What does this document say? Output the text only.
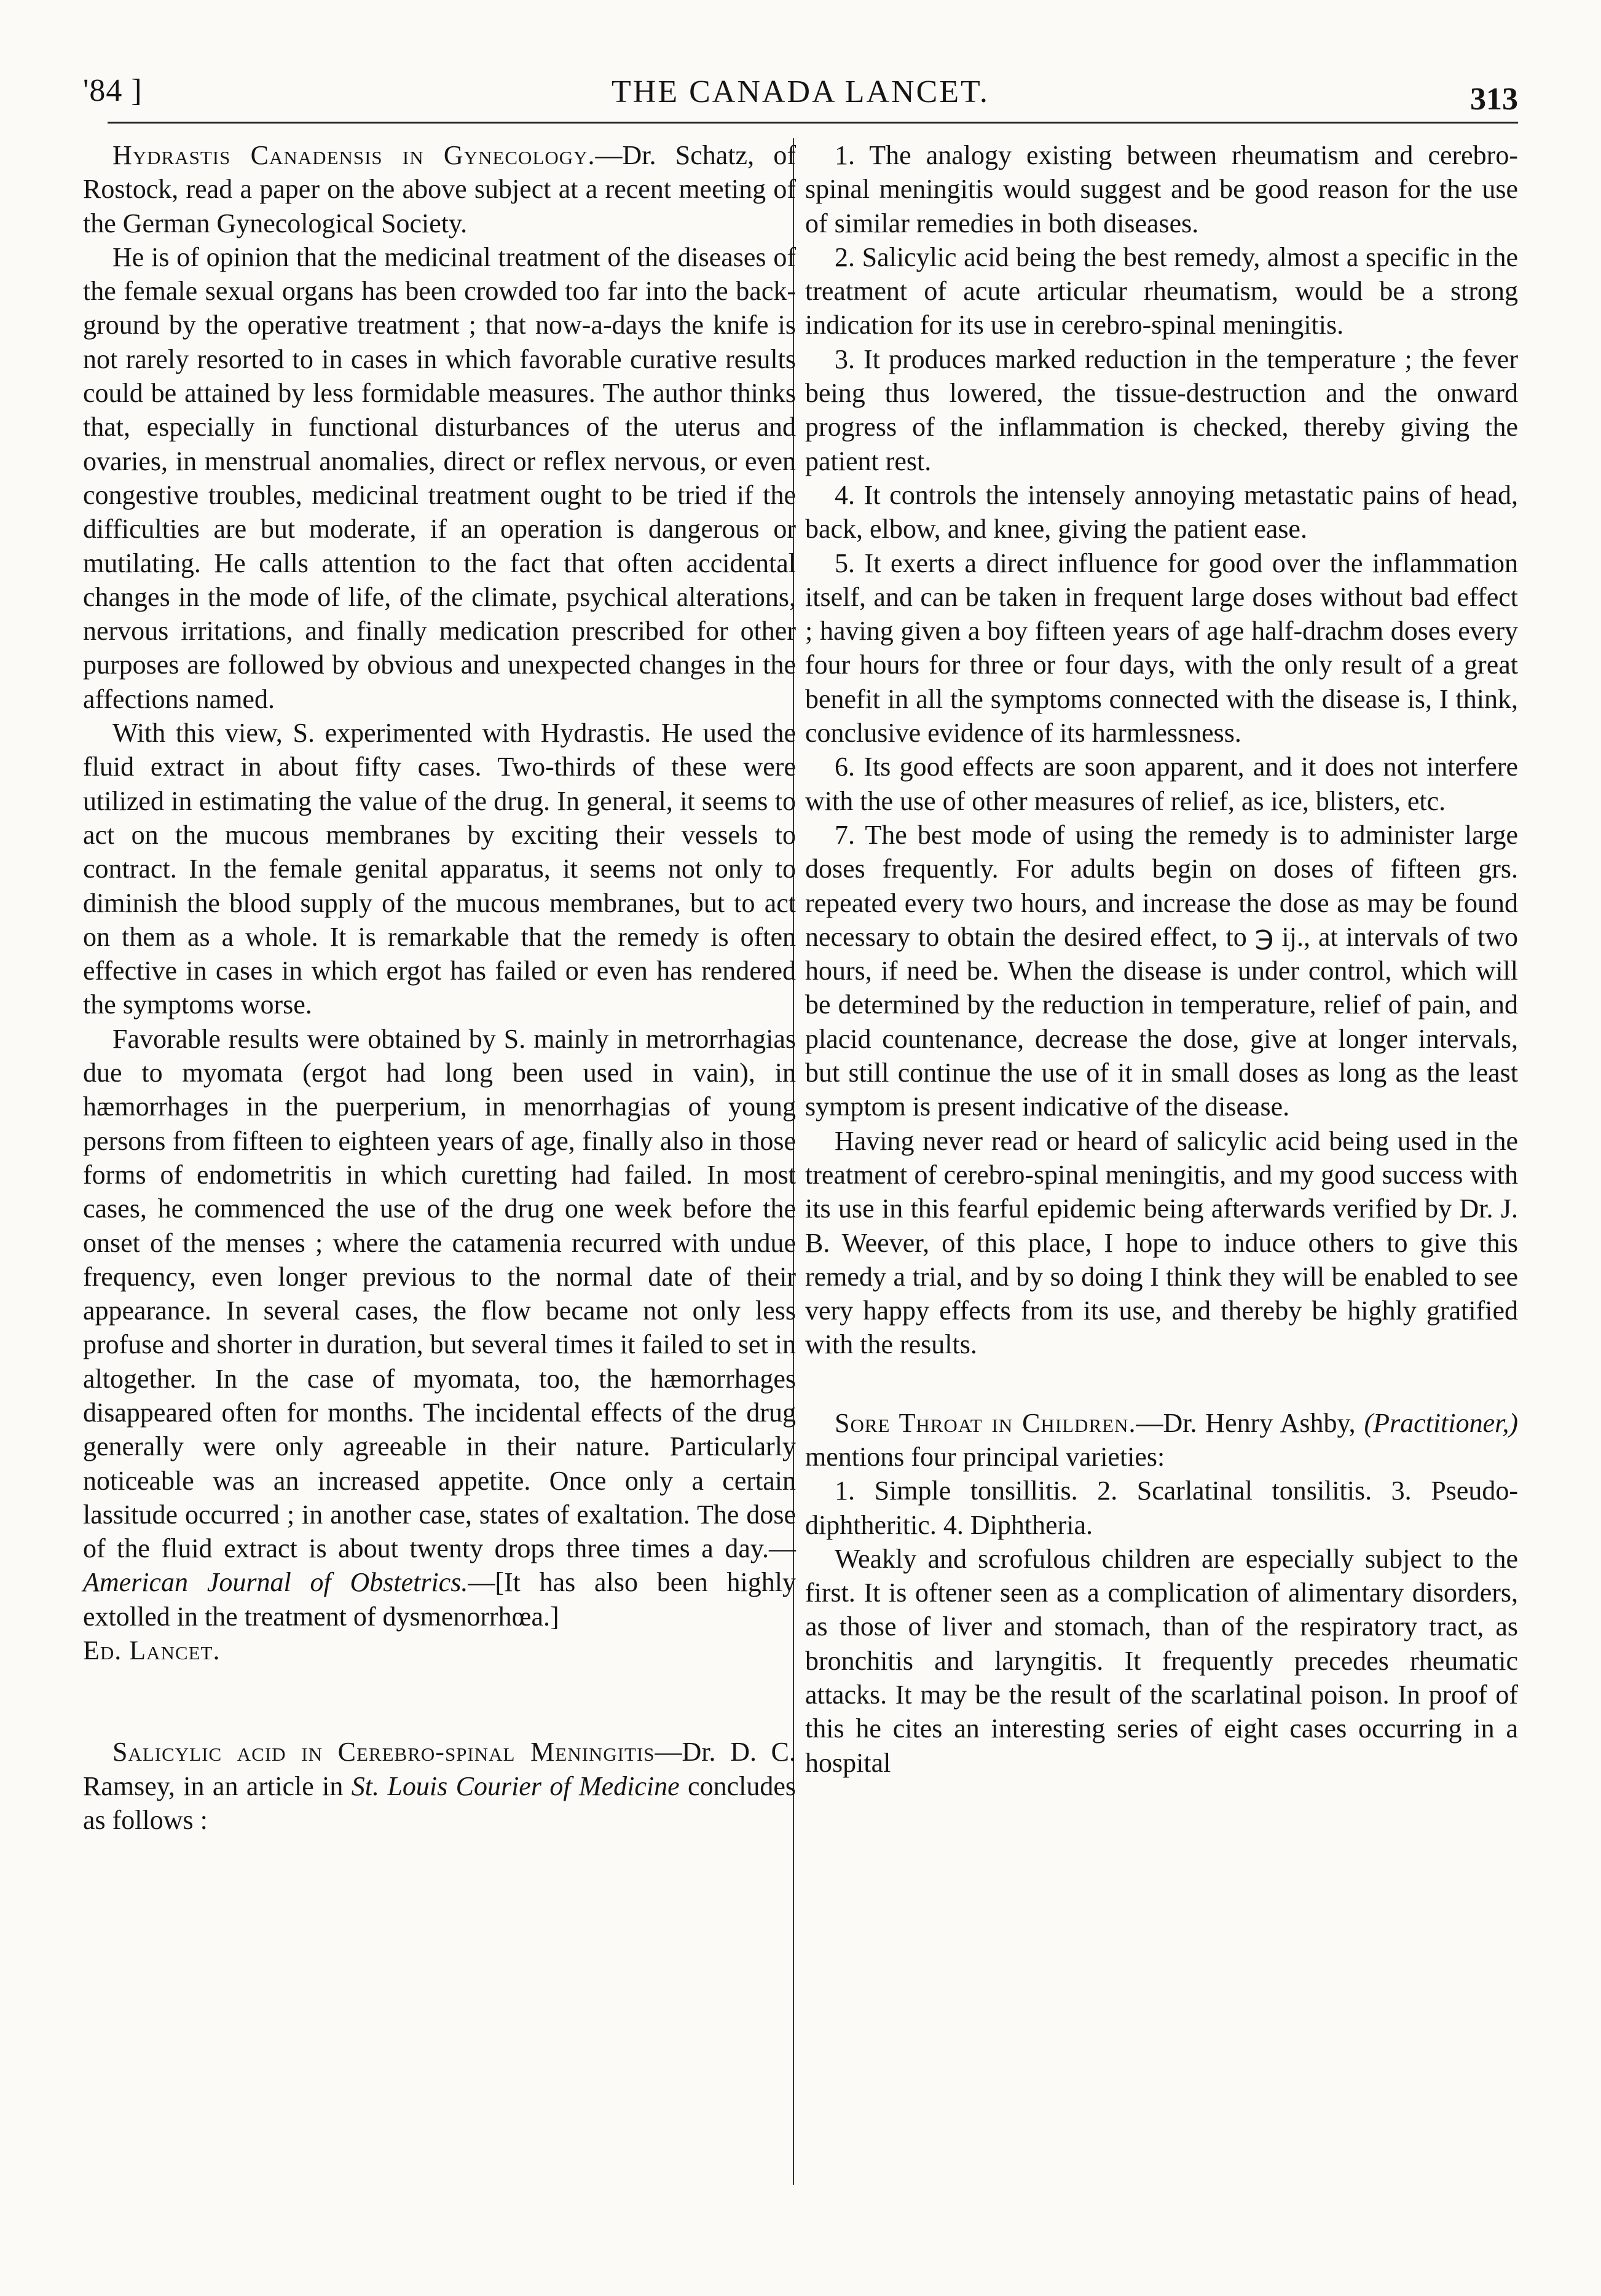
'84 ]	THE CANADA LANCET.	313

Hydrastis Canadensis in Gynecology.—Dr. Schatz, of Rostock, read a paper on the above subject at a recent meeting of the German Gynecological Society.

He is of opinion that the medicinal treatment of the diseases of the female sexual organs has been crowded too far into the back-ground by the operative treatment ; that now-a-days the knife is not rarely resorted to in cases in which favorable curative results could be attained by less formidable measures. The author thinks that, especially in functional disturbances of the uterus and ovaries, in menstrual anomalies, direct or reflex nervous, or even congestive troubles, medicinal treatment ought to be tried if the difficulties are but moderate, if an operation is dangerous or mutilating. He calls attention to the fact that often accidental changes in the mode of life, of the climate, psychical alterations, nervous irritations, and finally medication prescribed for other purposes are followed by obvious and unexpected changes in the affections named.

With this view, S. experimented with Hydrastis. He used the fluid extract in about fifty cases. Two-thirds of these were utilized in estimating the value of the drug. In general, it seems to act on the mucous membranes by exciting their vessels to contract. In the female genital apparatus, it seems not only to diminish the blood supply of the mucous membranes, but to act on them as a whole. It is remarkable that the remedy is often effective in cases in which ergot has failed or even has rendered the symptoms worse.

Favorable results were obtained by S. mainly in metrorrhagias due to myomata (ergot had long been used in vain), in hæmorrhages in the puerperium, in menorrhagias of young persons from fifteen to eighteen years of age, finally also in those forms of endometritis in which curetting had failed. In most cases, he commenced the use of the drug one week before the onset of the menses ; where the catamenia recurred with undue frequency, even longer previous to the normal date of their appearance. In several cases, the flow became not only less profuse and shorter in duration, but several times it failed to set in altogether. In the case of myomata, too, the hæmorrhages disappeared often for months. The incidental effects of the drug generally were only agreeable in their nature. Particularly noticeable was an increased appetite. Once only a certain lassitude occurred ; in another case, states of exaltation. The dose of the fluid extract is about twenty drops three times a day.—American Journal of Obstetrics.—[It has also been highly extolled in the treatment of dysmenorrhœa.]

Ed. Lancet.

Salicylic acid in Cerebro-spinal Meningitis—Dr. D. C. Ramsey, in an article in St. Louis Courier of Medicine concludes as follows :

1. The analogy existing between rheumatism and cerebro-spinal meningitis would suggest and be good reason for the use of similar remedies in both diseases.

2. Salicylic acid being the best remedy, almost a specific in the treatment of acute articular rheumatism, would be a strong indication for its use in cerebro-spinal meningitis.

3. It produces marked reduction in the temperature ; the fever being thus lowered, the tissue-destruction and the onward progress of the inflammation is checked, thereby giving the patient rest.

4. It controls the intensely annoying metastatic pains of head, back, elbow, and knee, giving the patient ease.

5. It exerts a direct influence for good over the inflammation itself, and can be taken in frequent large doses without bad effect ; having given a boy fifteen years of age half-drachm doses every four hours for three or four days, with the only result of a great benefit in all the symptoms connected with the disease is, I think, conclusive evidence of its harmlessness.

6. Its good effects are soon apparent, and it does not interfere with the use of other measures of relief, as ice, blisters, etc.

7. The best mode of using the remedy is to administer large doses frequently. For adults begin on doses of fifteen grs. repeated every two hours, and increase the dose as may be found necessary to obtain the desired effect, to ℈ ij., at intervals of two hours, if need be. When the disease is under control, which will be determined by the reduction in temperature, relief of pain, and placid countenance, decrease the dose, give at longer intervals, but still continue the use of it in small doses as long as the least symptom is present indicative of the disease.

Having never read or heard of salicylic acid being used in the treatment of cerebro-spinal meningitis, and my good success with its use in this fearful epidemic being afterwards verified by Dr. J. B. Weever, of this place, I hope to induce others to give this remedy a trial, and by so doing I think they will be enabled to see very happy effects from its use, and thereby be highly gratified with the results.

Sore Throat in Children.—Dr. Henry Ashby, (Practitioner,) mentions four principal varieties:

1. Simple tonsillitis. 2. Scarlatinal tonsilitis. 3. Pseudo-diphtheritic. 4. Diphtheria.

Weakly and scrofulous children are especially subject to the first. It is oftener seen as a complication of alimentary disorders, as those of liver and stomach, than of the respiratory tract, as bronchitis and laryngitis. It frequently precedes rheumatic attacks. It may be the result of the scarlatinal poison. In proof of this he cites an interesting series of eight cases occurring in a hospital
